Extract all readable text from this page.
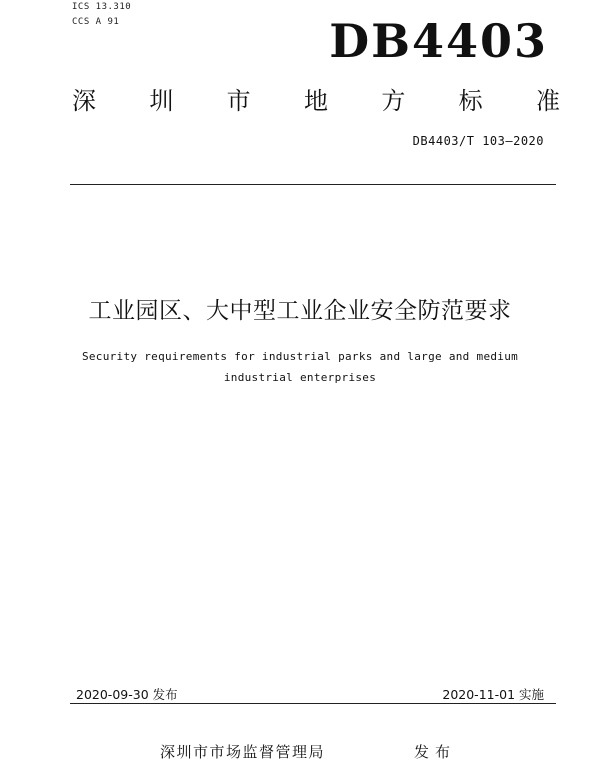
ICS 13.310
CCS A 91	DB4403
深 圳 市 地 方 标 准
DB4403/T 103—2020
工业园区、大中型工业企业安全防范要求
Security requirements for industrial parks and large and medium
industrial enterprises
2020-09-30 发布	2020-11-01 实施
深圳市市场监督管理局	发布
